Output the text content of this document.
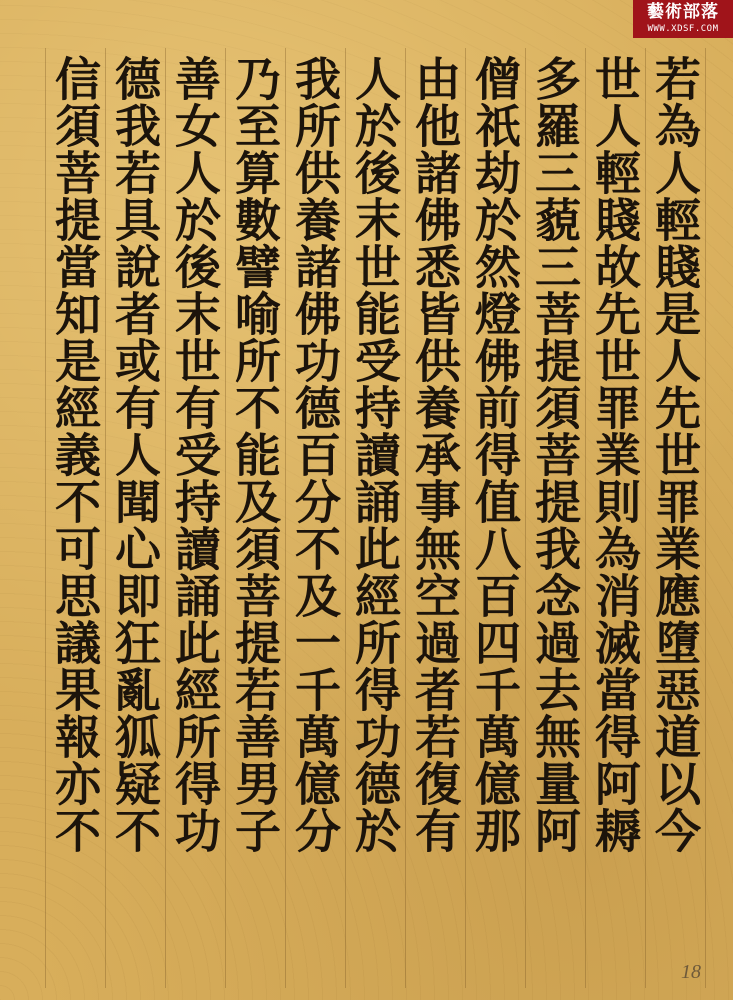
若為人輕賤是人先世罪業應墮惡道以今
世人輕賤故先世罪業則為消滅當得阿耨
多羅三藐三菩提須菩提我念過去無量阿
僧祇劫於然燈佛前得值八百四千萬億那
由他諸佛悉皆供養承事無空過者若復有
人於後末世能受持讀誦此經所得功德於
我所供養諸佛功德百分不及一千萬億分
乃至算數譬喻所不能及須菩提若善男子
善女人於後末世有受持讀誦此經所得功
德我若具說者或有人聞心即狂亂狐疑不
信須菩提當知是經義不可思議果報亦不
藝術部落
WWW.XDSF.COM
18
